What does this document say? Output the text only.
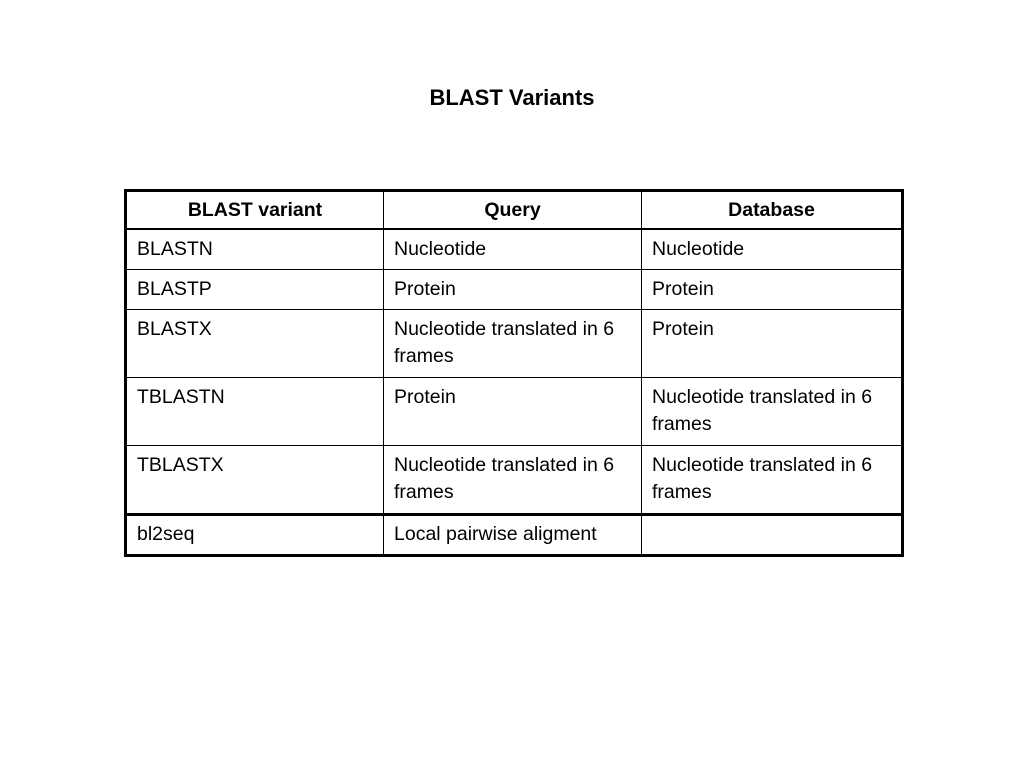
BLAST Variants
BLAST variant	Query	Database
BLASTN	Nucleotide	Nucleotide
BLASTP	Protein	Protein
BLASTX	Nucleotide translated in 6 frames	Protein
TBLASTN	Protein	Nucleotide translated in 6 frames
TBLASTX	Nucleotide translated in 6 frames	Nucleotide translated in 6 frames
bl2seq	Local pairwise aligment	
